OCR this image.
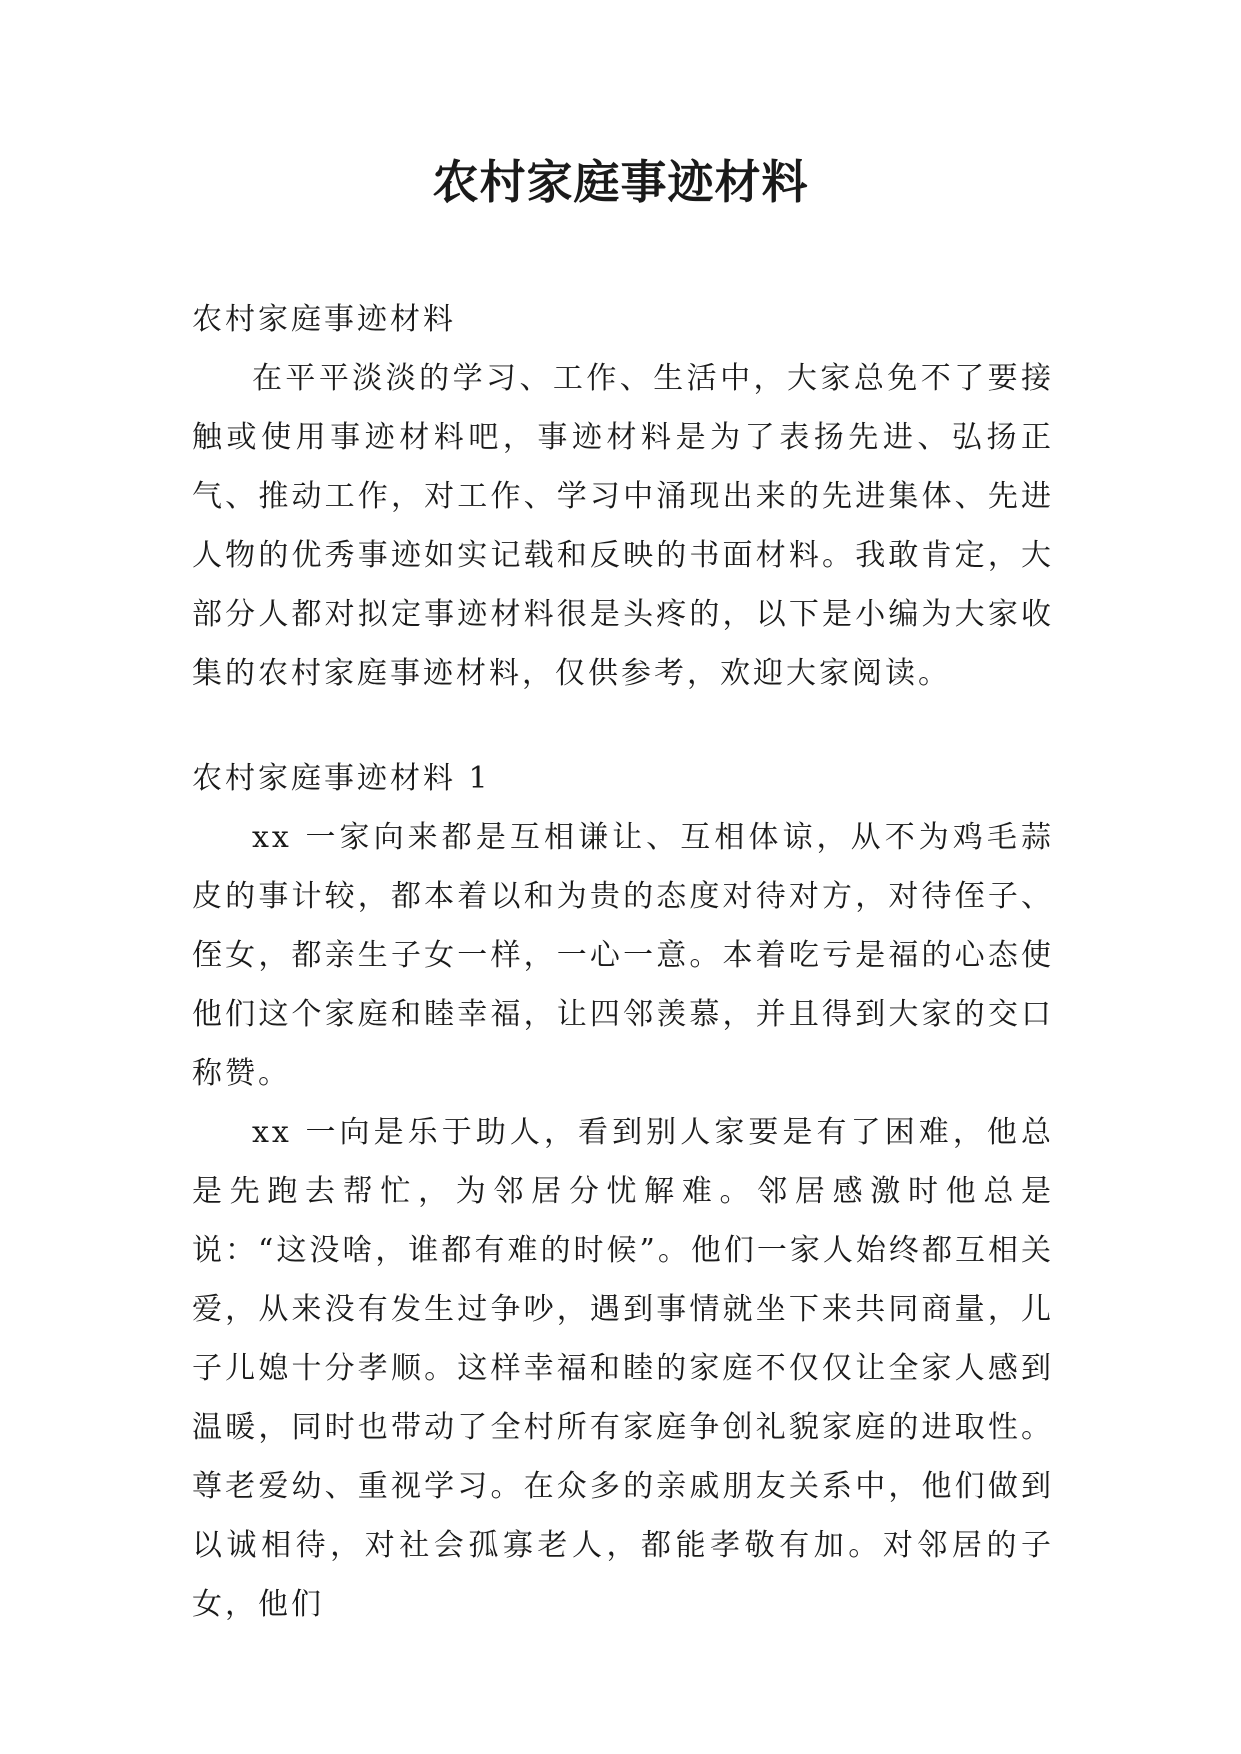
农村家庭事迹材料

农村家庭事迹材料

在平平淡淡的学习、工作、生活中，大家总免不了要接触或使用事迹材料吧，事迹材料是为了表扬先进、弘扬正气、推动工作，对工作、学习中涌现出来的先进集体、先进人物的优秀事迹如实记载和反映的书面材料。我敢肯定，大部分人都对拟定事迹材料很是头疼的，以下是小编为大家收集的农村家庭事迹材料，仅供参考，欢迎大家阅读。

农村家庭事迹材料 1

xx 一家向来都是互相谦让、互相体谅，从不为鸡毛蒜皮的事计较，都本着以和为贵的态度对待对方，对待侄子、侄女，都亲生子女一样，一心一意。本着吃亏是福的心态使他们这个家庭和睦幸福，让四邻羡慕，并且得到大家的交口称赞。

xx 一向是乐于助人，看到别人家要是有了困难，他总是先跑去帮忙，为邻居分忧解难。邻居感激时他总是说：“这没啥，谁都有难的时候”。他们一家人始终都互相关爱，从来没有发生过争吵，遇到事情就坐下来共同商量，儿子儿媳十分孝顺。这样幸福和睦的家庭不仅仅让全家人感到温暖，同时也带动了全村所有家庭争创礼貌家庭的进取性。尊老爱幼、重视学习。在众多的亲戚朋友关系中，他们做到以诚相待，对社会孤寡老人，都能孝敬有加。对邻居的子女，他们
